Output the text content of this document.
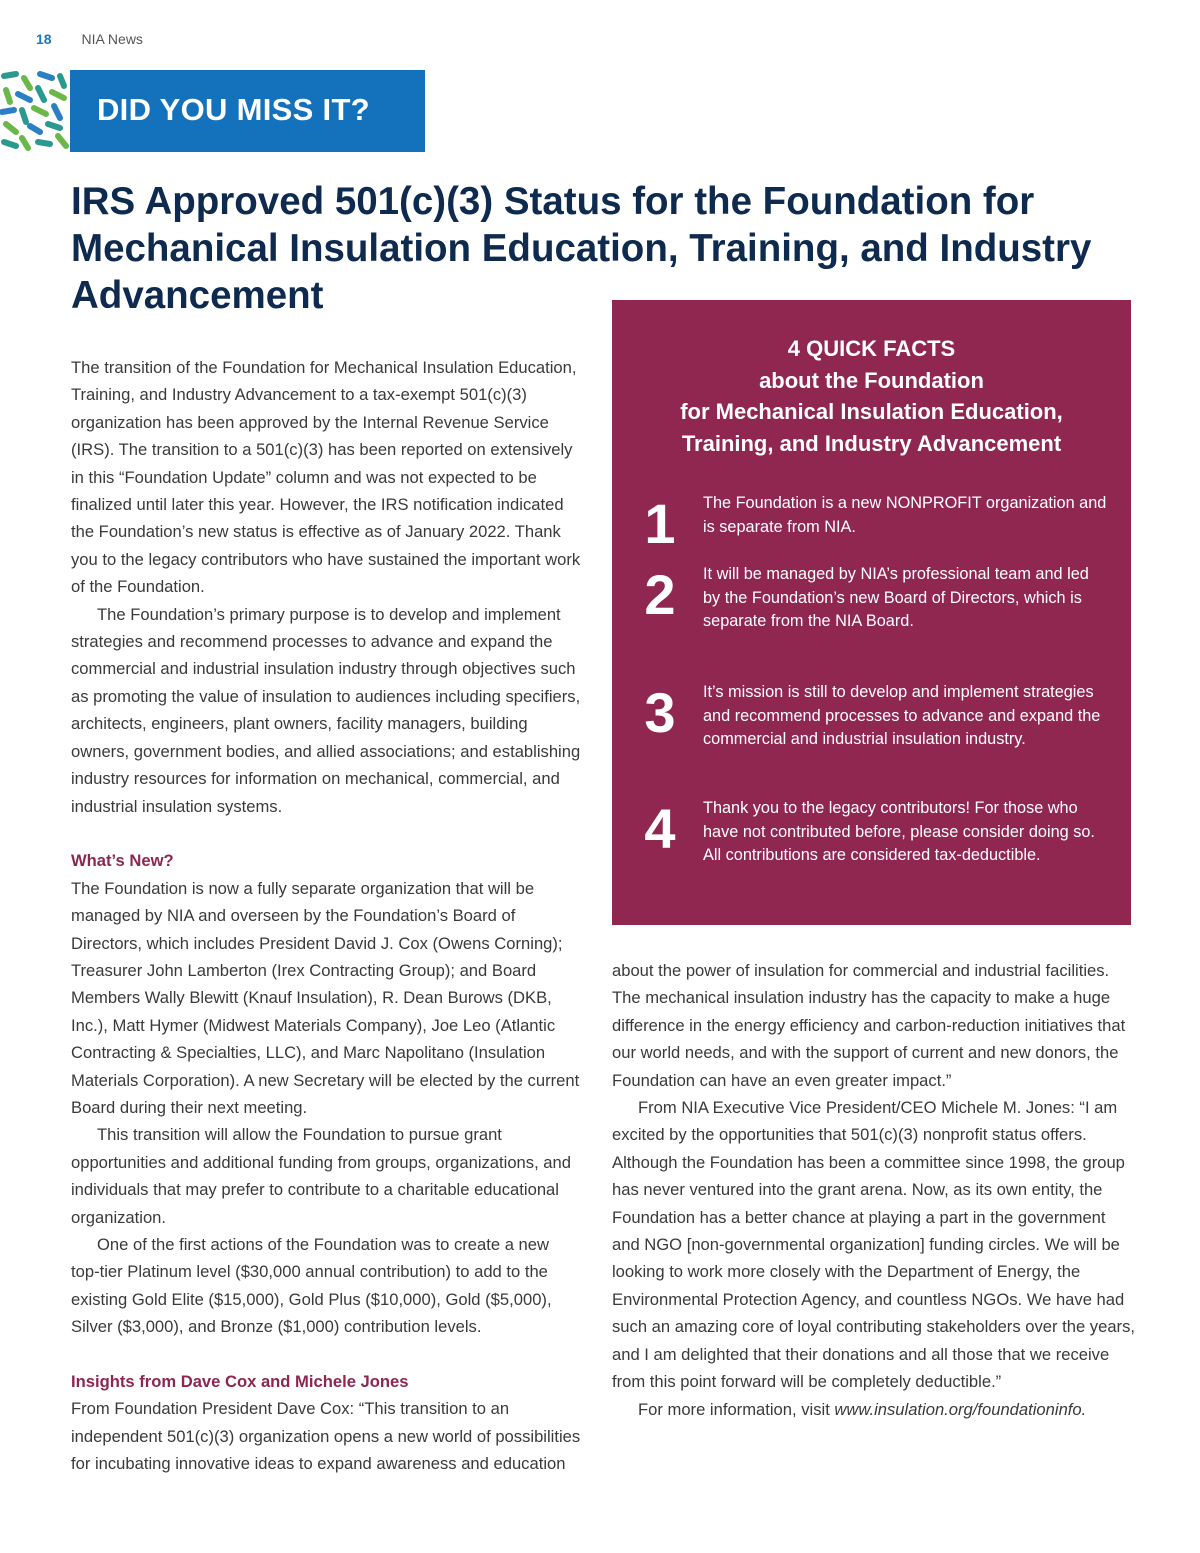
18 NIA News
DID YOU MISS IT?
IRS Approved 501(c)(3) Status for the Foundation for Mechanical Insulation Education, Training, and Industry Advancement

The transition of the Foundation for Mechanical Insulation Education, Training, and Industry Advancement to a tax-exempt 501(c)(3) organization has been approved by the Internal Revenue Service (IRS). The transition to a 501(c)(3) has been reported on extensively in this “Foundation Update” column and was not expected to be finalized until later this year. However, the IRS notification indicated the Foundation’s new status is effective as of January 2022. Thank you to the legacy contributors who have sustained the important work of the Foundation.

The Foundation’s primary purpose is to develop and implement strategies and recommend processes to advance and expand the commercial and industrial insulation industry through objectives such as promoting the value of insulation to audiences including specifiers, architects, engineers, plant owners, facility managers, building owners, government bodies, and allied associations; and establishing industry resources for information on mechanical, commercial, and industrial insulation systems.

What’s New?

The Foundation is now a fully separate organization that will be managed by NIA and overseen by the Foundation’s Board of Directors, which includes President David J. Cox (Owens Corning); Treasurer John Lamberton (Irex Contracting Group); and Board Members Wally Blewitt (Knauf Insulation), R. Dean Burows (DKB, Inc.), Matt Hymer (Midwest Materials Company), Joe Leo (Atlantic Contracting & Specialties, LLC), and Marc Napolitano (Insulation Materials Corporation). A new Secretary will be elected by the current Board during their next meeting.

This transition will allow the Foundation to pursue grant opportunities and additional funding from groups, organizations, and individuals that may prefer to contribute to a charitable educational organization.

One of the first actions of the Foundation was to create a new top-tier Platinum level ($30,000 annual contribution) to add to the existing Gold Elite ($15,000), Gold Plus ($10,000), Gold ($5,000), Silver ($3,000), and Bronze ($1,000) contribution levels.

Insights from Dave Cox and Michele Jones

From Foundation President Dave Cox: “This transition to an independent 501(c)(3) organization opens a new world of possibilities for incubating innovative ideas to expand awareness and education

4 QUICK FACTS
about the Foundation
for Mechanical Insulation Education,
Training, and Industry Advancement
1	The Foundation is a new NONPROFIT organization and is separate from NIA.
2	It will be managed by NIA’s professional team and led by the Foundation’s new Board of Directors, which is separate from the NIA Board.
3	It’s mission is still to develop and implement strategies and recommend processes to advance and expand the commercial and industrial insulation industry.
4	Thank you to the legacy contributors! For those who have not contributed before, please consider doing so. All contributions are considered tax-deductible.

about the power of insulation for commercial and industrial facilities. The mechanical insulation industry has the capacity to make a huge difference in the energy efficiency and carbon-reduction initiatives that our world needs, and with the support of current and new donors, the Foundation can have an even greater impact.”

From NIA Executive Vice President/CEO Michele M. Jones: “I am excited by the opportunities that 501(c)(3) nonprofit status offers. Although the Foundation has been a committee since 1998, the group has never ventured into the grant arena. Now, as its own entity, the Foundation has a better chance at playing a part in the government and NGO [non-governmental organization] funding circles. We will be looking to work more closely with the Department of Energy, the Environmental Protection Agency, and countless NGOs. We have had such an amazing core of loyal contributing stakeholders over the years, and I am delighted that their donations and all those that we receive from this point forward will be completely deductible.”

For more information, visit www.insulation.org/foundationinfo.
